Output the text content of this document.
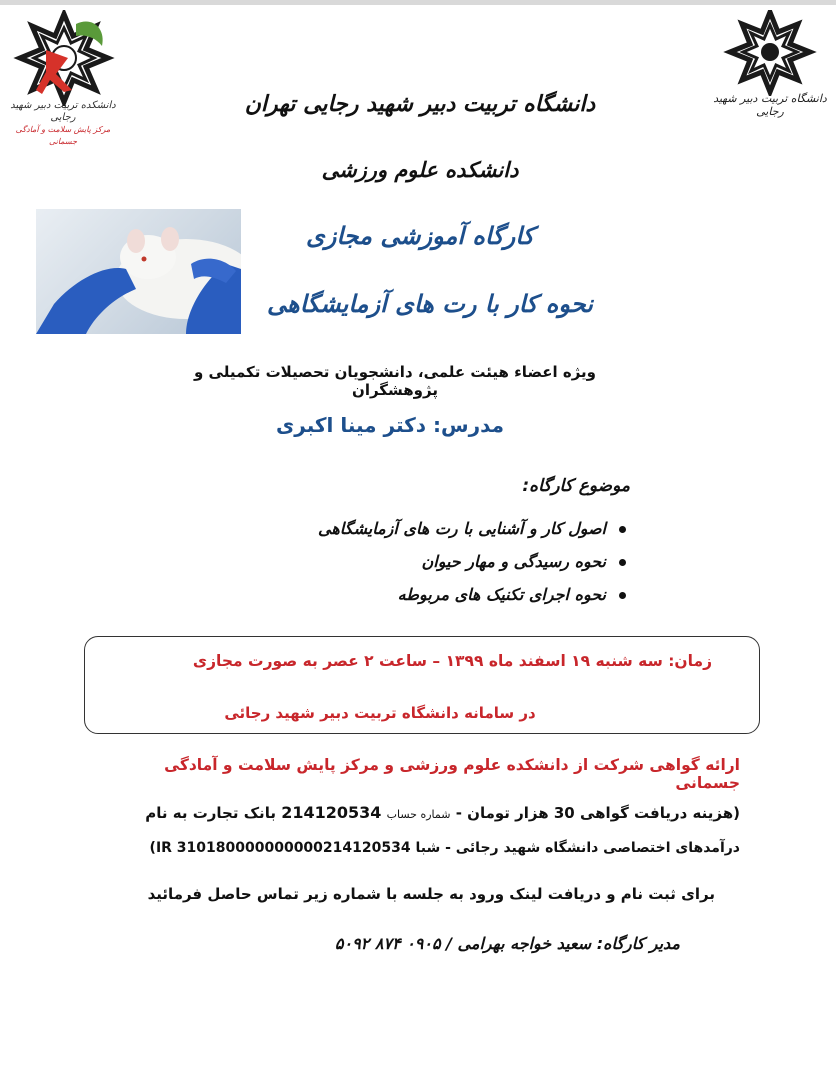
دانشکده تربیت دبیر شهید رجایی
مرکز پایش سلامت و آمادگی جسمانی
دانشگاه تربیت دبیر شهید رجایی
دانشگاه تربیت دبیر شهید رجایی تهران
دانشکده علوم ورزشی
کارگاه آموزشی مجازی
نحوه کار با رت های آزمایشگاهی
ویژه اعضاء هیئت علمی، دانشجویان تحصیلات تکمیلی و پژوهشگران
مدرس: دکتر مینا اکبری
موضوع کارگاه:
اصول کار و آشنایی با رت های آزمایشگاهی
نحوه رسیدگی و مهار حیوان
نحوه اجرای تکنیک های مربوطه
زمان: سه شنبه ۱۹ اسفند ماه ۱۳۹۹ – ساعت ۲ عصر به صورت مجازی
در سامانه دانشگاه تربیت دبیر شهید رجائی
ارائه گواهی شرکت از دانشکده علوم ورزشی و مرکز پایش سلامت و آمادگی جسمانی
(هزینه دریافت گواهی 30 هزار تومان - شماره حساب 214120534 بانک تجارت به نام
درآمدهای اختصاصی دانشگاه شهید رجائی - شبا IR 310180000000000214120534)
برای ثبت نام و دریافت لینک ورود به جلسه با شماره زیر تماس حاصل فرمائید
مدیر کارگاه: سعید خواجه بهرامی / ۰۹۰۵ ۸۷۴ ۵۰۹۲
